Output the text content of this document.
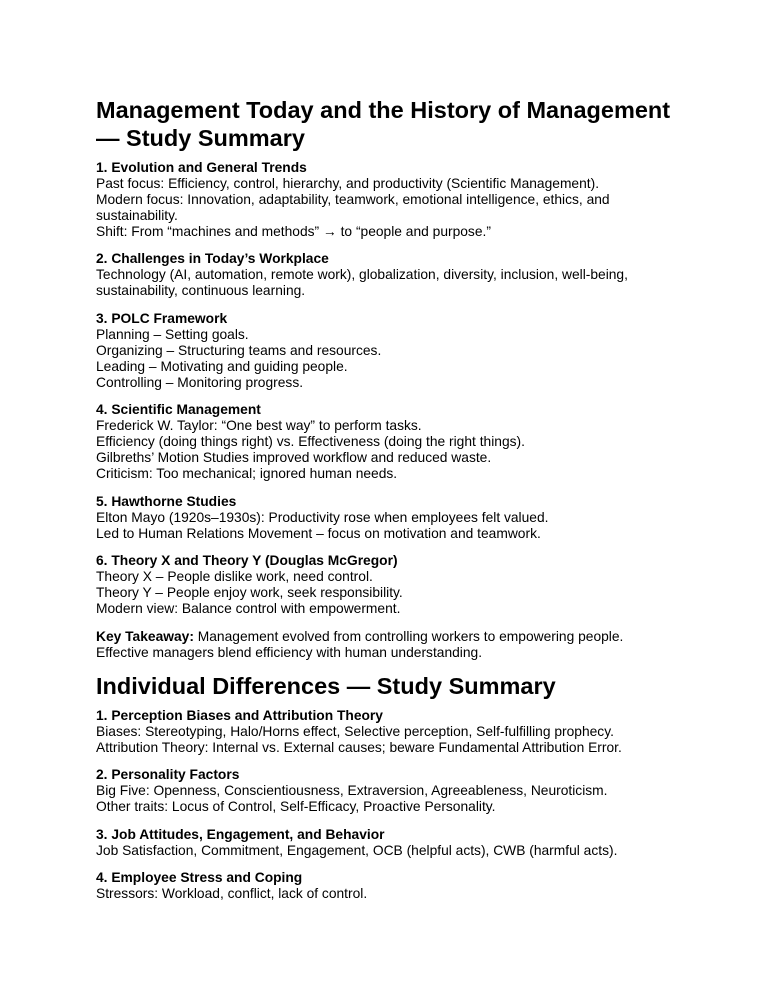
Management Today and the History of Management — Study Summary

1. Evolution and General Trends

Past focus: Efficiency, control, hierarchy, and productivity (Scientific Management).

Modern focus: Innovation, adaptability, teamwork, emotional intelligence, ethics, and sustainability.

Shift: From “machines and methods” → to “people and purpose.”

2. Challenges in Today’s Workplace

Technology (AI, automation, remote work), globalization, diversity, inclusion, well-being, sustainability, continuous learning.

3. POLC Framework

Planning – Setting goals.

Organizing – Structuring teams and resources.

Leading – Motivating and guiding people.

Controlling – Monitoring progress.

4. Scientific Management

Frederick W. Taylor: “One best way” to perform tasks.

Efficiency (doing things right) vs. Effectiveness (doing the right things).

Gilbreths’ Motion Studies improved workflow and reduced waste.

Criticism: Too mechanical; ignored human needs.

5. Hawthorne Studies

Elton Mayo (1920s–1930s): Productivity rose when employees felt valued.

Led to Human Relations Movement – focus on motivation and teamwork.

6. Theory X and Theory Y (Douglas McGregor)

Theory X – People dislike work, need control.

Theory Y – People enjoy work, seek responsibility.

Modern view: Balance control with empowerment.

Key Takeaway: Management evolved from controlling workers to empowering people. Effective managers blend efficiency with human understanding.

Individual Differences — Study Summary

1. Perception Biases and Attribution Theory

Biases: Stereotyping, Halo/Horns effect, Selective perception, Self-fulfilling prophecy.

Attribution Theory: Internal vs. External causes; beware Fundamental Attribution Error.

2. Personality Factors

Big Five: Openness, Conscientiousness, Extraversion, Agreeableness, Neuroticism.

Other traits: Locus of Control, Self-Efficacy, Proactive Personality.

3. Job Attitudes, Engagement, and Behavior

Job Satisfaction, Commitment, Engagement, OCB (helpful acts), CWB (harmful acts).

4. Employee Stress and Coping

Stressors: Workload, conflict, lack of control.
